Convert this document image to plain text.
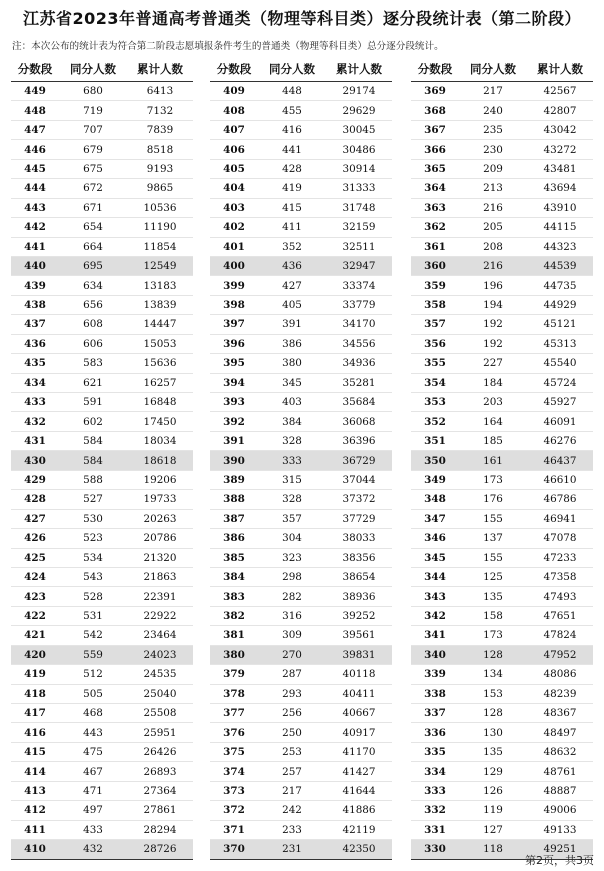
江苏省2023年普通高考普通类（物理等科目类）逐分段统计表（第二阶段）
注：本次公布的统计表为符合第二阶段志愿填报条件考生的普通类（物理等科目类）总分逐分段统计。
分数段	同分人数	累计人数
449	680	6413
448	719	7132
447	707	7839
446	679	8518
445	675	9193
444	672	9865
443	671	10536
442	654	11190
441	664	11854
440	695	12549
439	634	13183
438	656	13839
437	608	14447
436	606	15053
435	583	15636
434	621	16257
433	591	16848
432	602	17450
431	584	18034
430	584	18618
429	588	19206
428	527	19733
427	530	20263
426	523	20786
425	534	21320
424	543	21863
423	528	22391
422	531	22922
421	542	23464
420	559	24023
419	512	24535
418	505	25040
417	468	25508
416	443	25951
415	475	26426
414	467	26893
413	471	27364
412	497	27861
411	433	28294
410	432	28726
分数段	同分人数	累计人数
409	448	29174
408	455	29629
407	416	30045
406	441	30486
405	428	30914
404	419	31333
403	415	31748
402	411	32159
401	352	32511
400	436	32947
399	427	33374
398	405	33779
397	391	34170
396	386	34556
395	380	34936
394	345	35281
393	403	35684
392	384	36068
391	328	36396
390	333	36729
389	315	37044
388	328	37372
387	357	37729
386	304	38033
385	323	38356
384	298	38654
383	282	38936
382	316	39252
381	309	39561
380	270	39831
379	287	40118
378	293	40411
377	256	40667
376	250	40917
375	253	41170
374	257	41427
373	217	41644
372	242	41886
371	233	42119
370	231	42350
分数段	同分人数	累计人数
369	217	42567
368	240	42807
367	235	43042
366	230	43272
365	209	43481
364	213	43694
363	216	43910
362	205	44115
361	208	44323
360	216	44539
359	196	44735
358	194	44929
357	192	45121
356	192	45313
355	227	45540
354	184	45724
353	203	45927
352	164	46091
351	185	46276
350	161	46437
349	173	46610
348	176	46786
347	155	46941
346	137	47078
345	155	47233
344	125	47358
343	135	47493
342	158	47651
341	173	47824
340	128	47952
339	134	48086
338	153	48239
337	128	48367
336	130	48497
335	135	48632
334	129	48761
333	126	48887
332	119	49006
331	127	49133
330	118	49251
第2页，共3页
